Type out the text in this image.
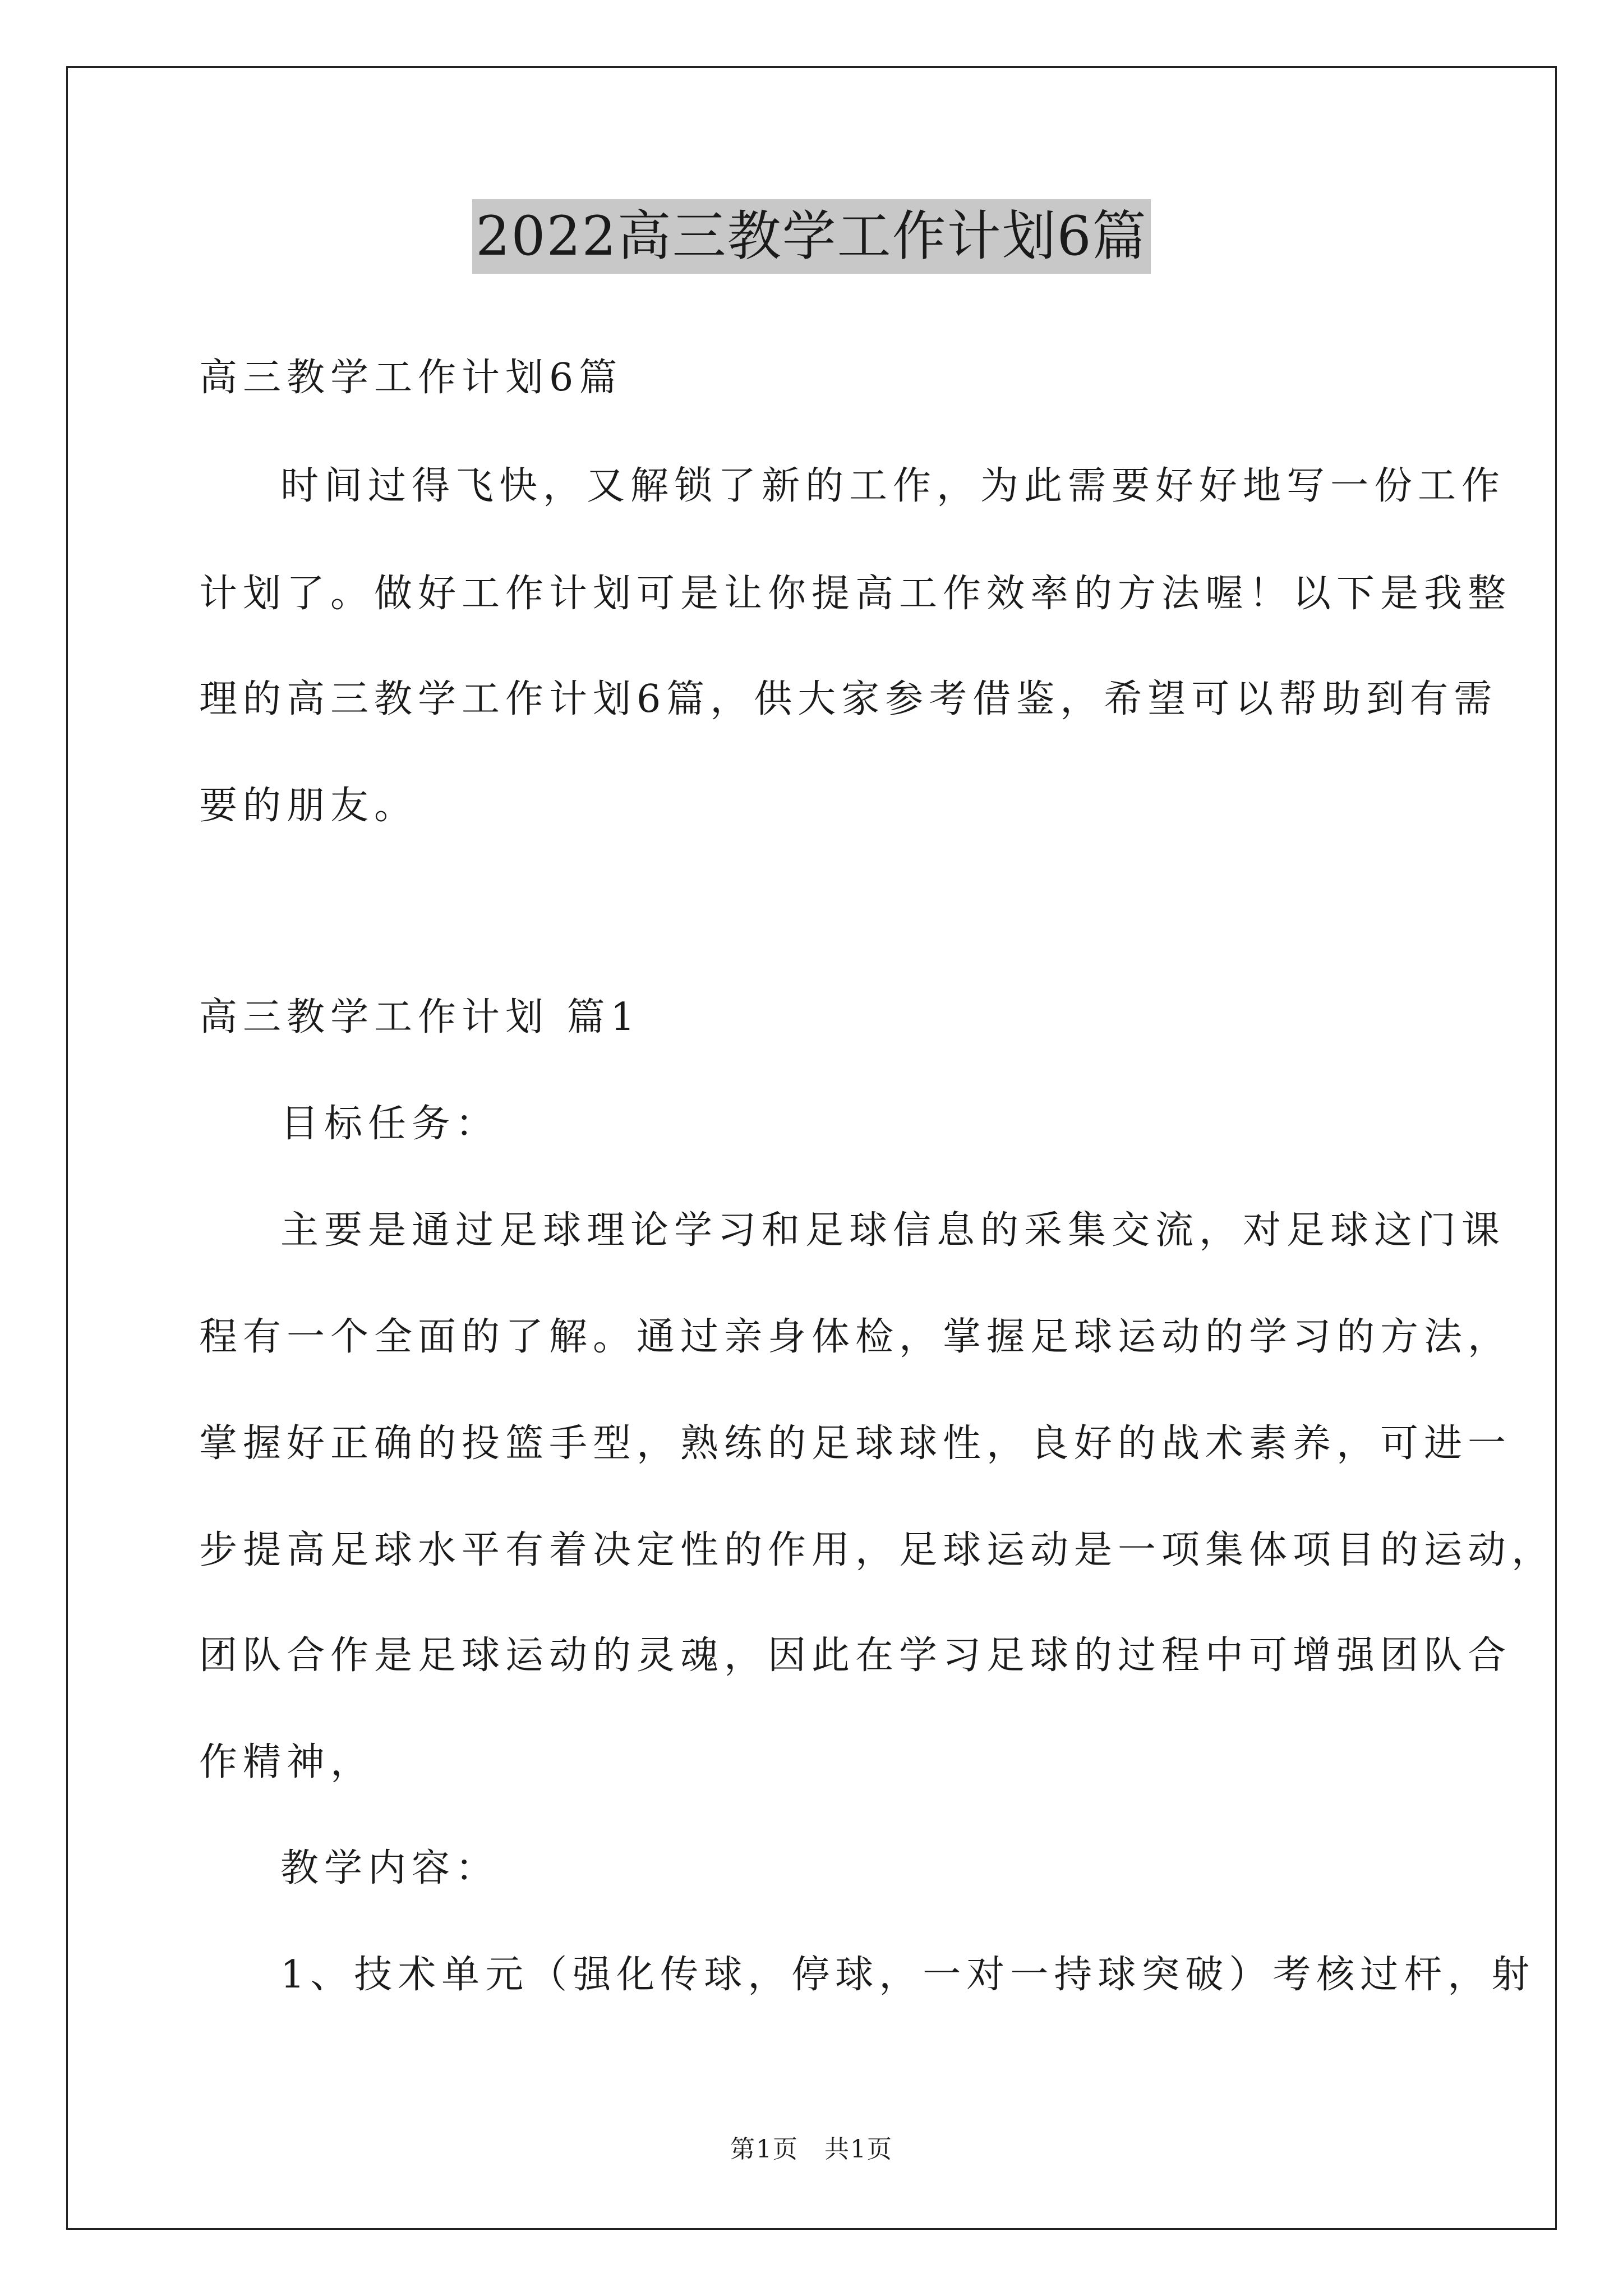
2022高三教学工作计划6篇
高三教学工作计划6篇
时间过得飞快，又解锁了新的工作，为此需要好好地写一份工作
计划了。做好工作计划可是让你提高工作效率的方法喔！以下是我整
理的高三教学工作计划6篇，供大家参考借鉴，希望可以帮助到有需
要的朋友。
高三教学工作计划 篇1
目标任务：
主要是通过足球理论学习和足球信息的采集交流，对足球这门课
程有一个全面的了解。通过亲身体检，掌握足球运动的学习的方法，
掌握好正确的投篮手型，熟练的足球球性，良好的战术素养，可进一
步提高足球水平有着决定性的作用，足球运动是一项集体项目的运动，
团队合作是足球运动的灵魂，因此在学习足球的过程中可增强团队合
作精神，
教学内容：
1、技术单元（强化传球，停球，一对一持球突破）考核过杆，射
第1页　共1页
